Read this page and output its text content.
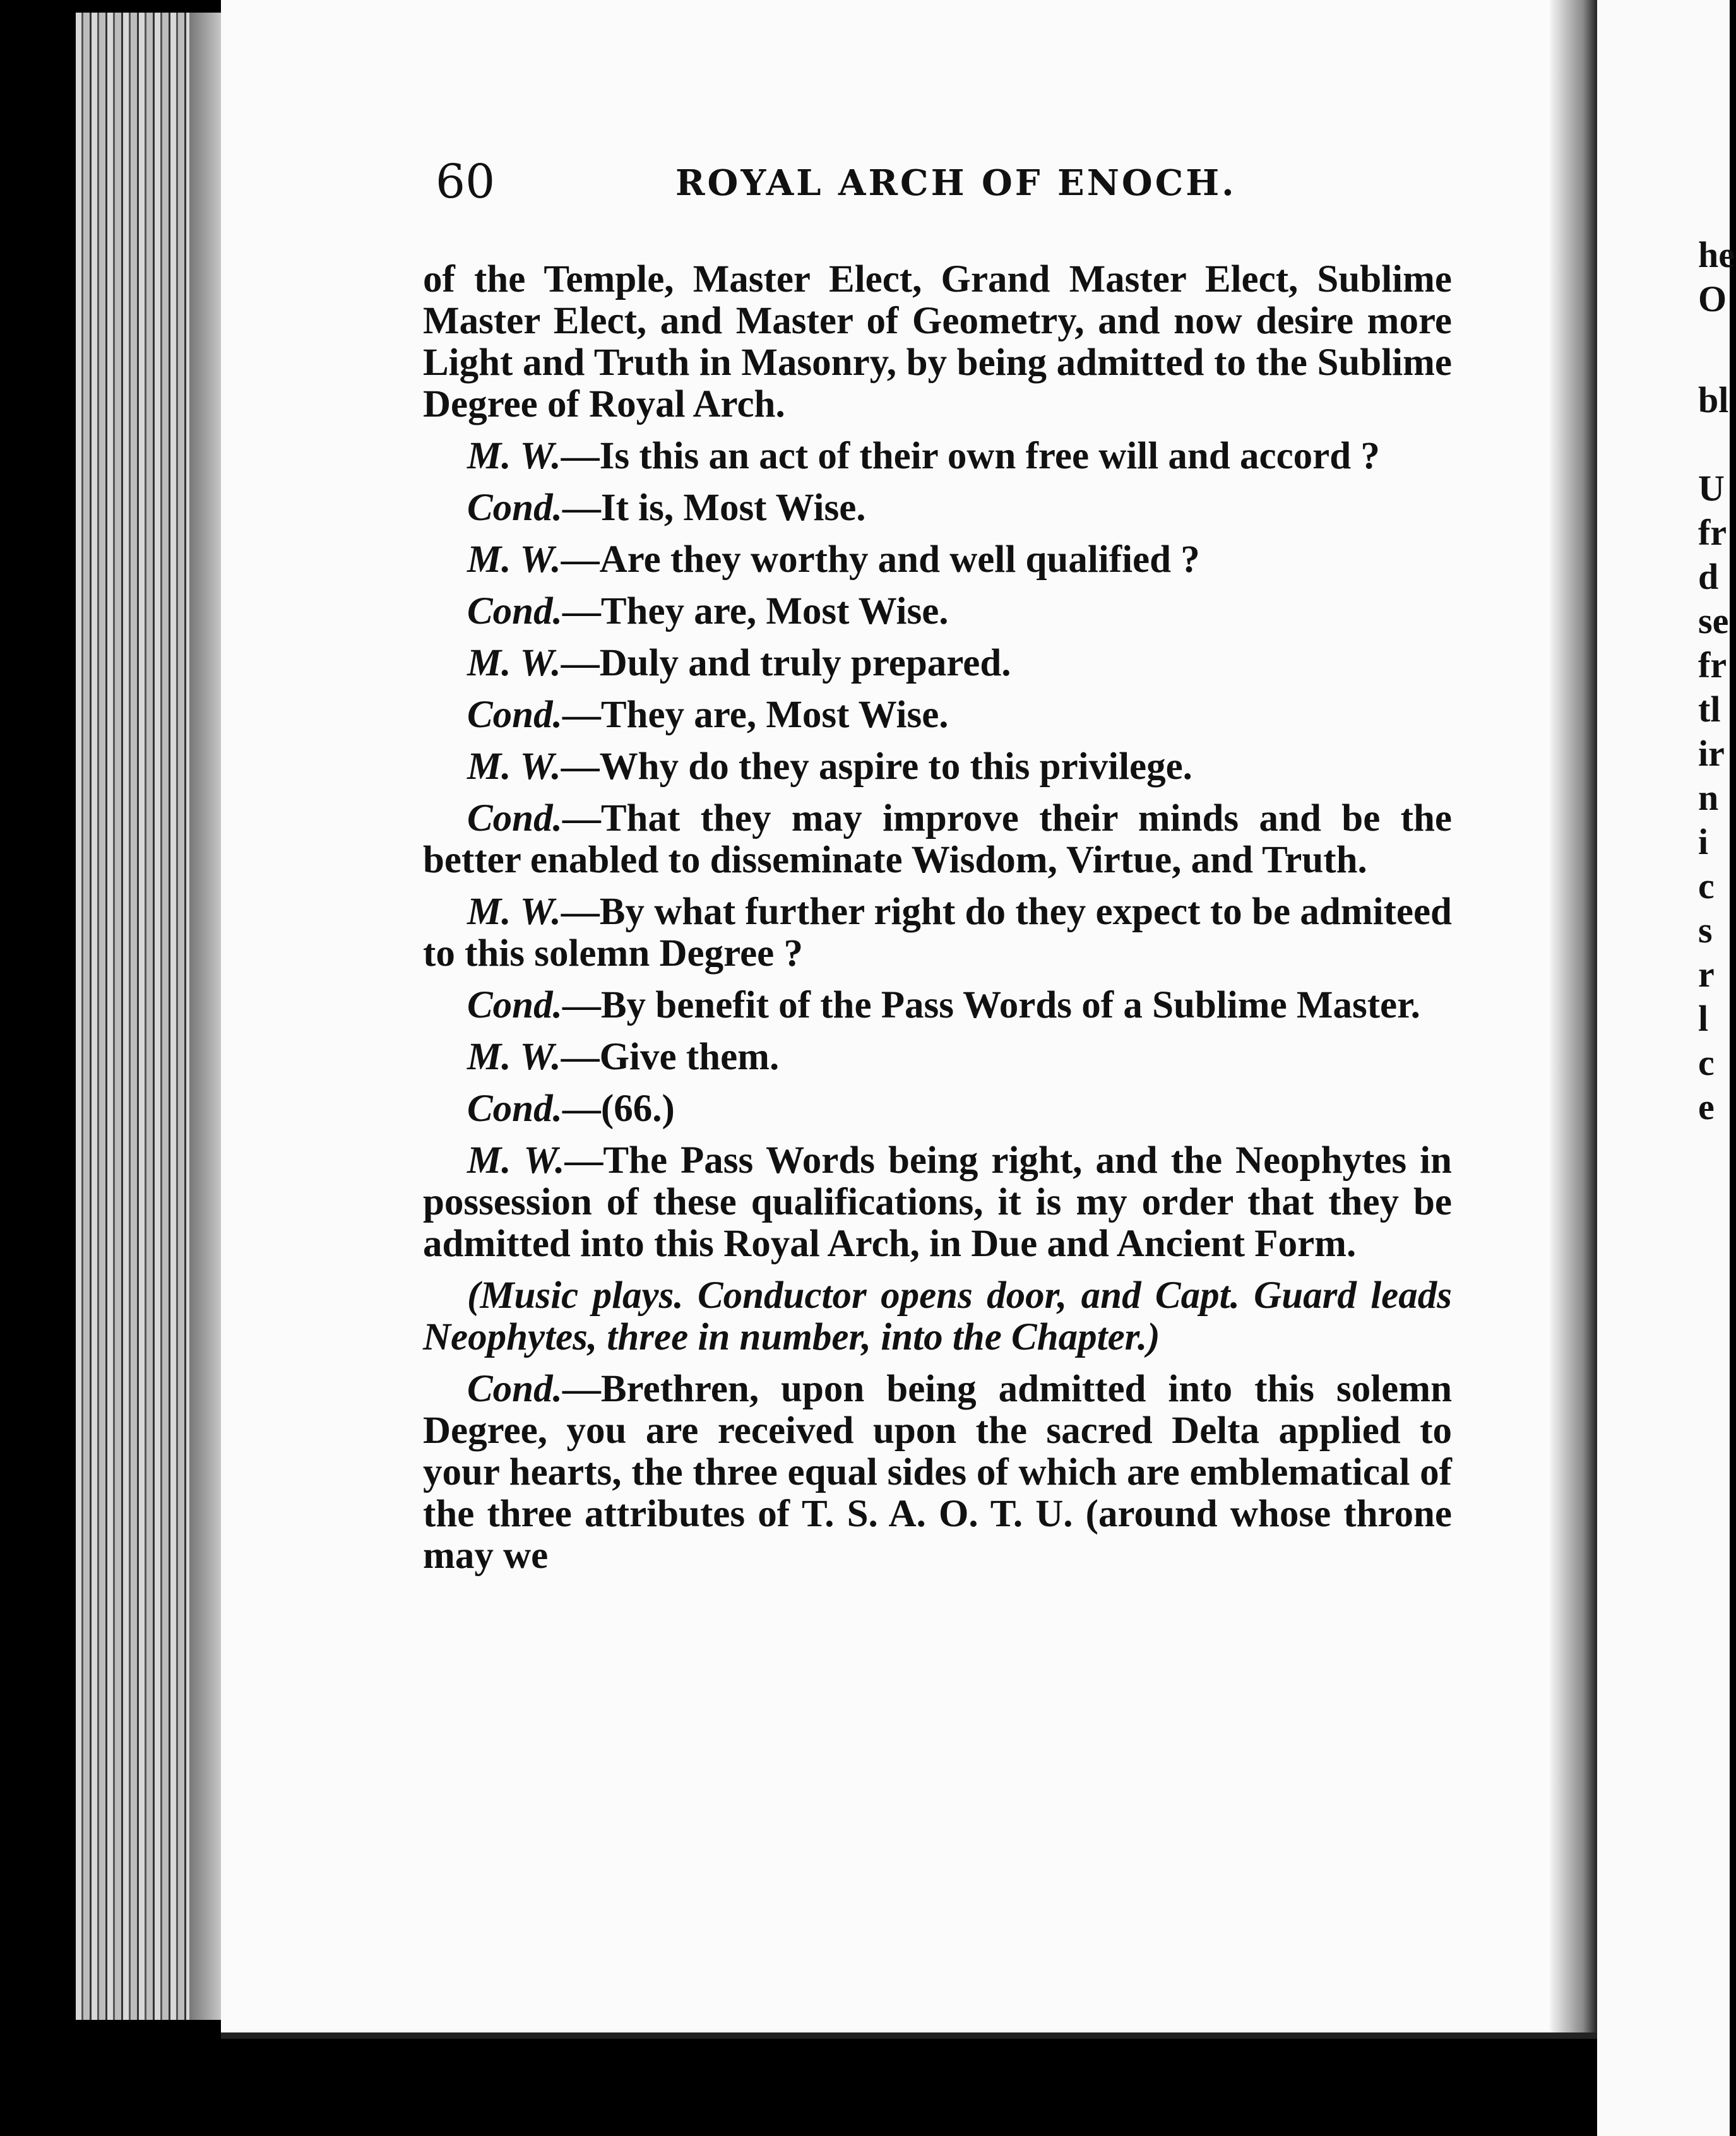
60	ROYAL ARCH OF ENOCH.

of the Temple, Master Elect, Grand Master Elect, Sublime Master Elect, and Master of Geometry, and now desire more Light and Truth in Masonry, by being admitted to the Sublime Degree of Royal Arch.

M. W.—Is this an act of their own free will and accord ?

Cond.—It is, Most Wise.

M. W.—Are they worthy and well qualified ?

Cond.—They are, Most Wise.

M. W.—Duly and truly prepared.

Cond.—They are, Most Wise.

M. W.—Why do they aspire to this privilege.

Cond.—That they may improve their minds and be the better enabled to disseminate Wisdom, Virtue, and Truth.

M. W.—By what further right do they expect to be admiteed to this solemn Degree ?

Cond.—By benefit of the Pass Words of a Sublime Master.

M. W.—Give them.

Cond.—(66.)

M. W.—The Pass Words being right, and the Neophytes in possession of these qualifications, it is my order that they be admitted into this Royal Arch, in Due and Ancient Form.

(Music plays. Conductor opens door, and Capt. Guard leads Neophytes, three in number, into the Chapter.)

Cond.—Brethren, upon being admitted into this solemn Degree, you are received upon the sacred Delta applied to your hearts, the three equal sides of which are emblematical of the three attributes of T. S. A. O. T. U. (around whose throne may we

he
O
bl
U
fr
d
se
fr
tl
ir
n
i
c
s
r
l
c
e
